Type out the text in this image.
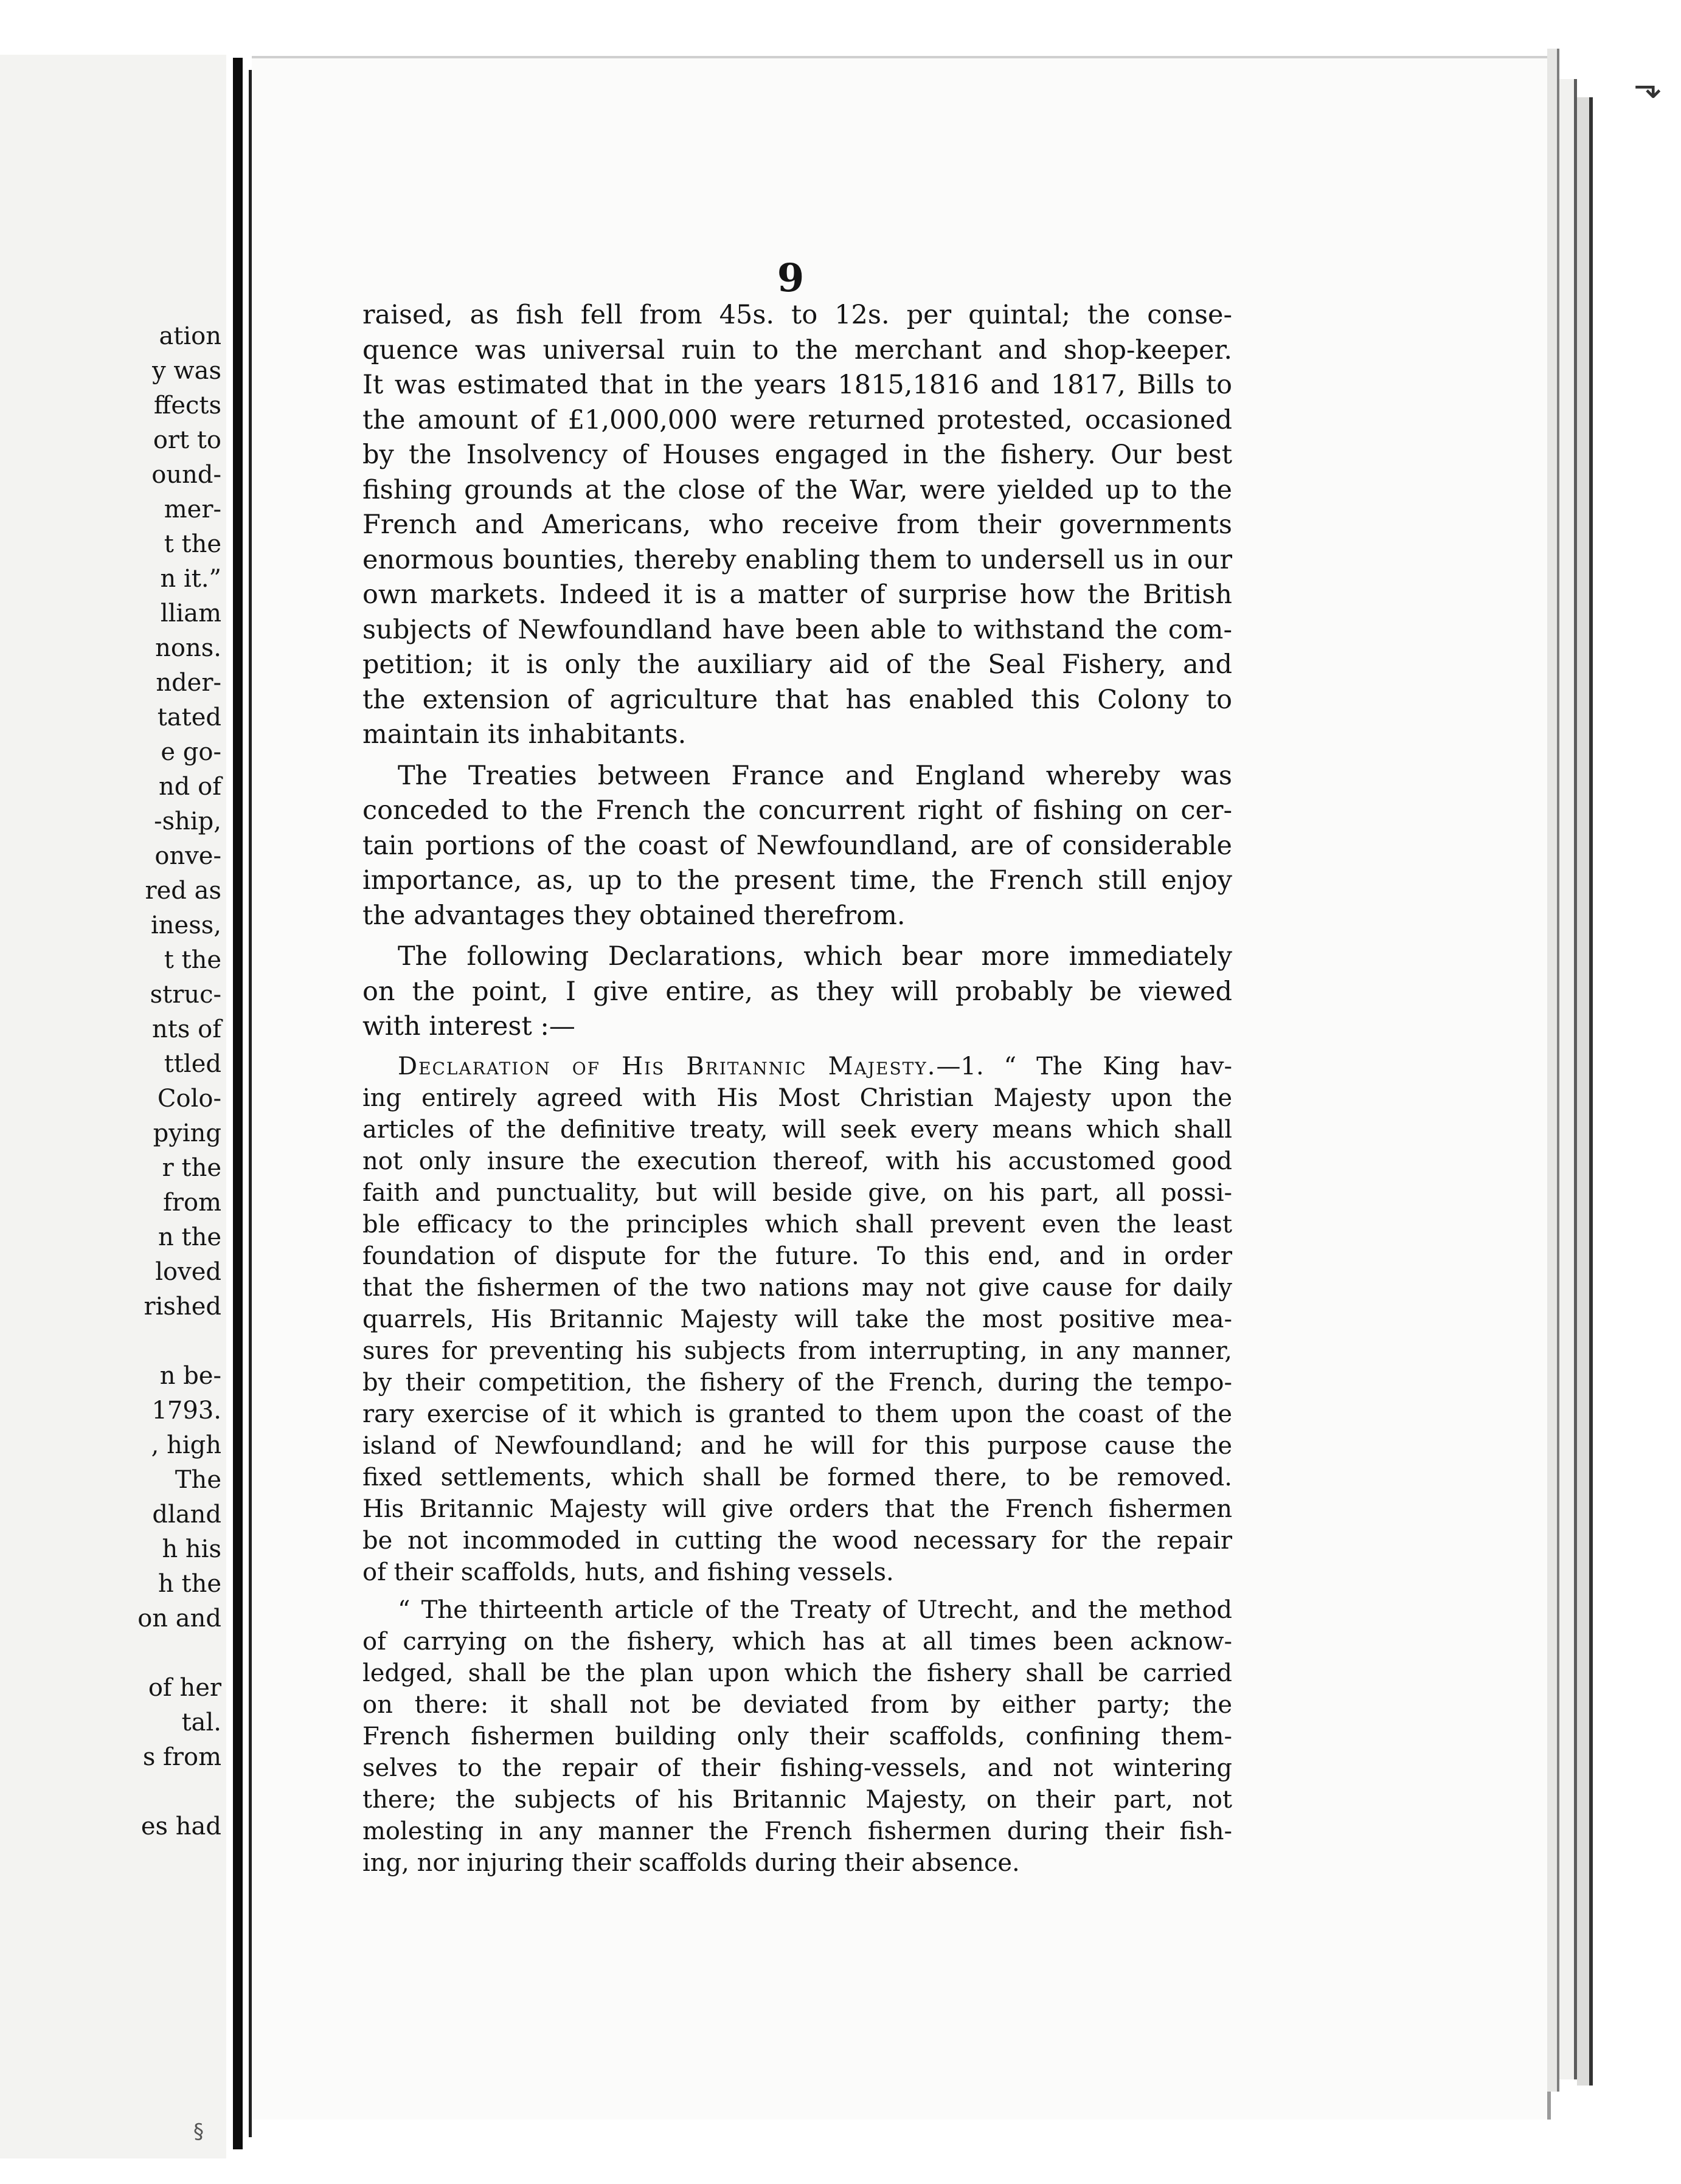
ation
y was
ffects
ort to
ound-
mer-
t the
n it.”
lliam
nons.
nder-
tated
e go-
nd of
-ship,
onve-
red as
iness,
t the
struc-
nts of
ttled
Colo-
pying
r the
from
n the
loved
rished
n be-
1793.
, high
The
dland
h his
h the
on and
of her
tal.
s from
es had
9
raised, as fish fell from 45s. to 12s. per quintal; the conse-
quence was universal ruin to the merchant and shop-keeper.
It was estimated that in the years 1815,1816 and 1817, Bills to
the amount of £1,000,000 were returned protested, occasioned
by the Insolvency of Houses engaged in the fishery. Our best
fishing grounds at the close of the War, were yielded up to the
French and Americans, who receive from their governments
enormous bounties, thereby enabling them to undersell us in our
own markets. Indeed it is a matter of surprise how the British
subjects of Newfoundland have been able to withstand the com-
petition; it is only the auxiliary aid of the Seal Fishery, and
the extension of agriculture that has enabled this Colony to
maintain its inhabitants.
The Treaties between France and England whereby was
conceded to the French the concurrent right of fishing on cer-
tain portions of the coast of Newfoundland, are of considerable
importance, as, up to the present time, the French still enjoy
the advantages they obtained therefrom.
The following Declarations, which bear more immediately
on the point, I give entire, as they will probably be viewed
with interest :—
Declaration of His Britannic Majesty.—1. “ The King hav-
ing entirely agreed with His Most Christian Majesty upon the
articles of the definitive treaty, will seek every means which shall
not only insure the execution thereof, with his accustomed good
faith and punctuality, but will beside give, on his part, all possi-
ble efficacy to the principles which shall prevent even the least
foundation of dispute for the future. To this end, and in order
that the fishermen of the two nations may not give cause for daily
quarrels, His Britannic Majesty will take the most positive mea-
sures for preventing his subjects from interrupting, in any manner,
by their competition, the fishery of the French, during the tempo-
rary exercise of it which is granted to them upon the coast of the
island of Newfoundland; and he will for this purpose cause the
fixed settlements, which shall be formed there, to be removed.
His Britannic Majesty will give orders that the French fishermen
be not incommoded in cutting the wood necessary for the repair
of their scaffolds, huts, and fishing vessels.
“ The thirteenth article of the Treaty of Utrecht, and the method
of carrying on the fishery, which has at all times been acknow-
ledged, shall be the plan upon which the fishery shall be carried
on there: it shall not be deviated from by either party; the
French fishermen building only their scaffolds, confining them-
selves to the repair of their fishing-vessels, and not wintering
there; the subjects of his Britannic Majesty, on their part, not
molesting in any manner the French fishermen during their fish-
ing, nor injuring their scaffolds during their absence.
⬎
§
